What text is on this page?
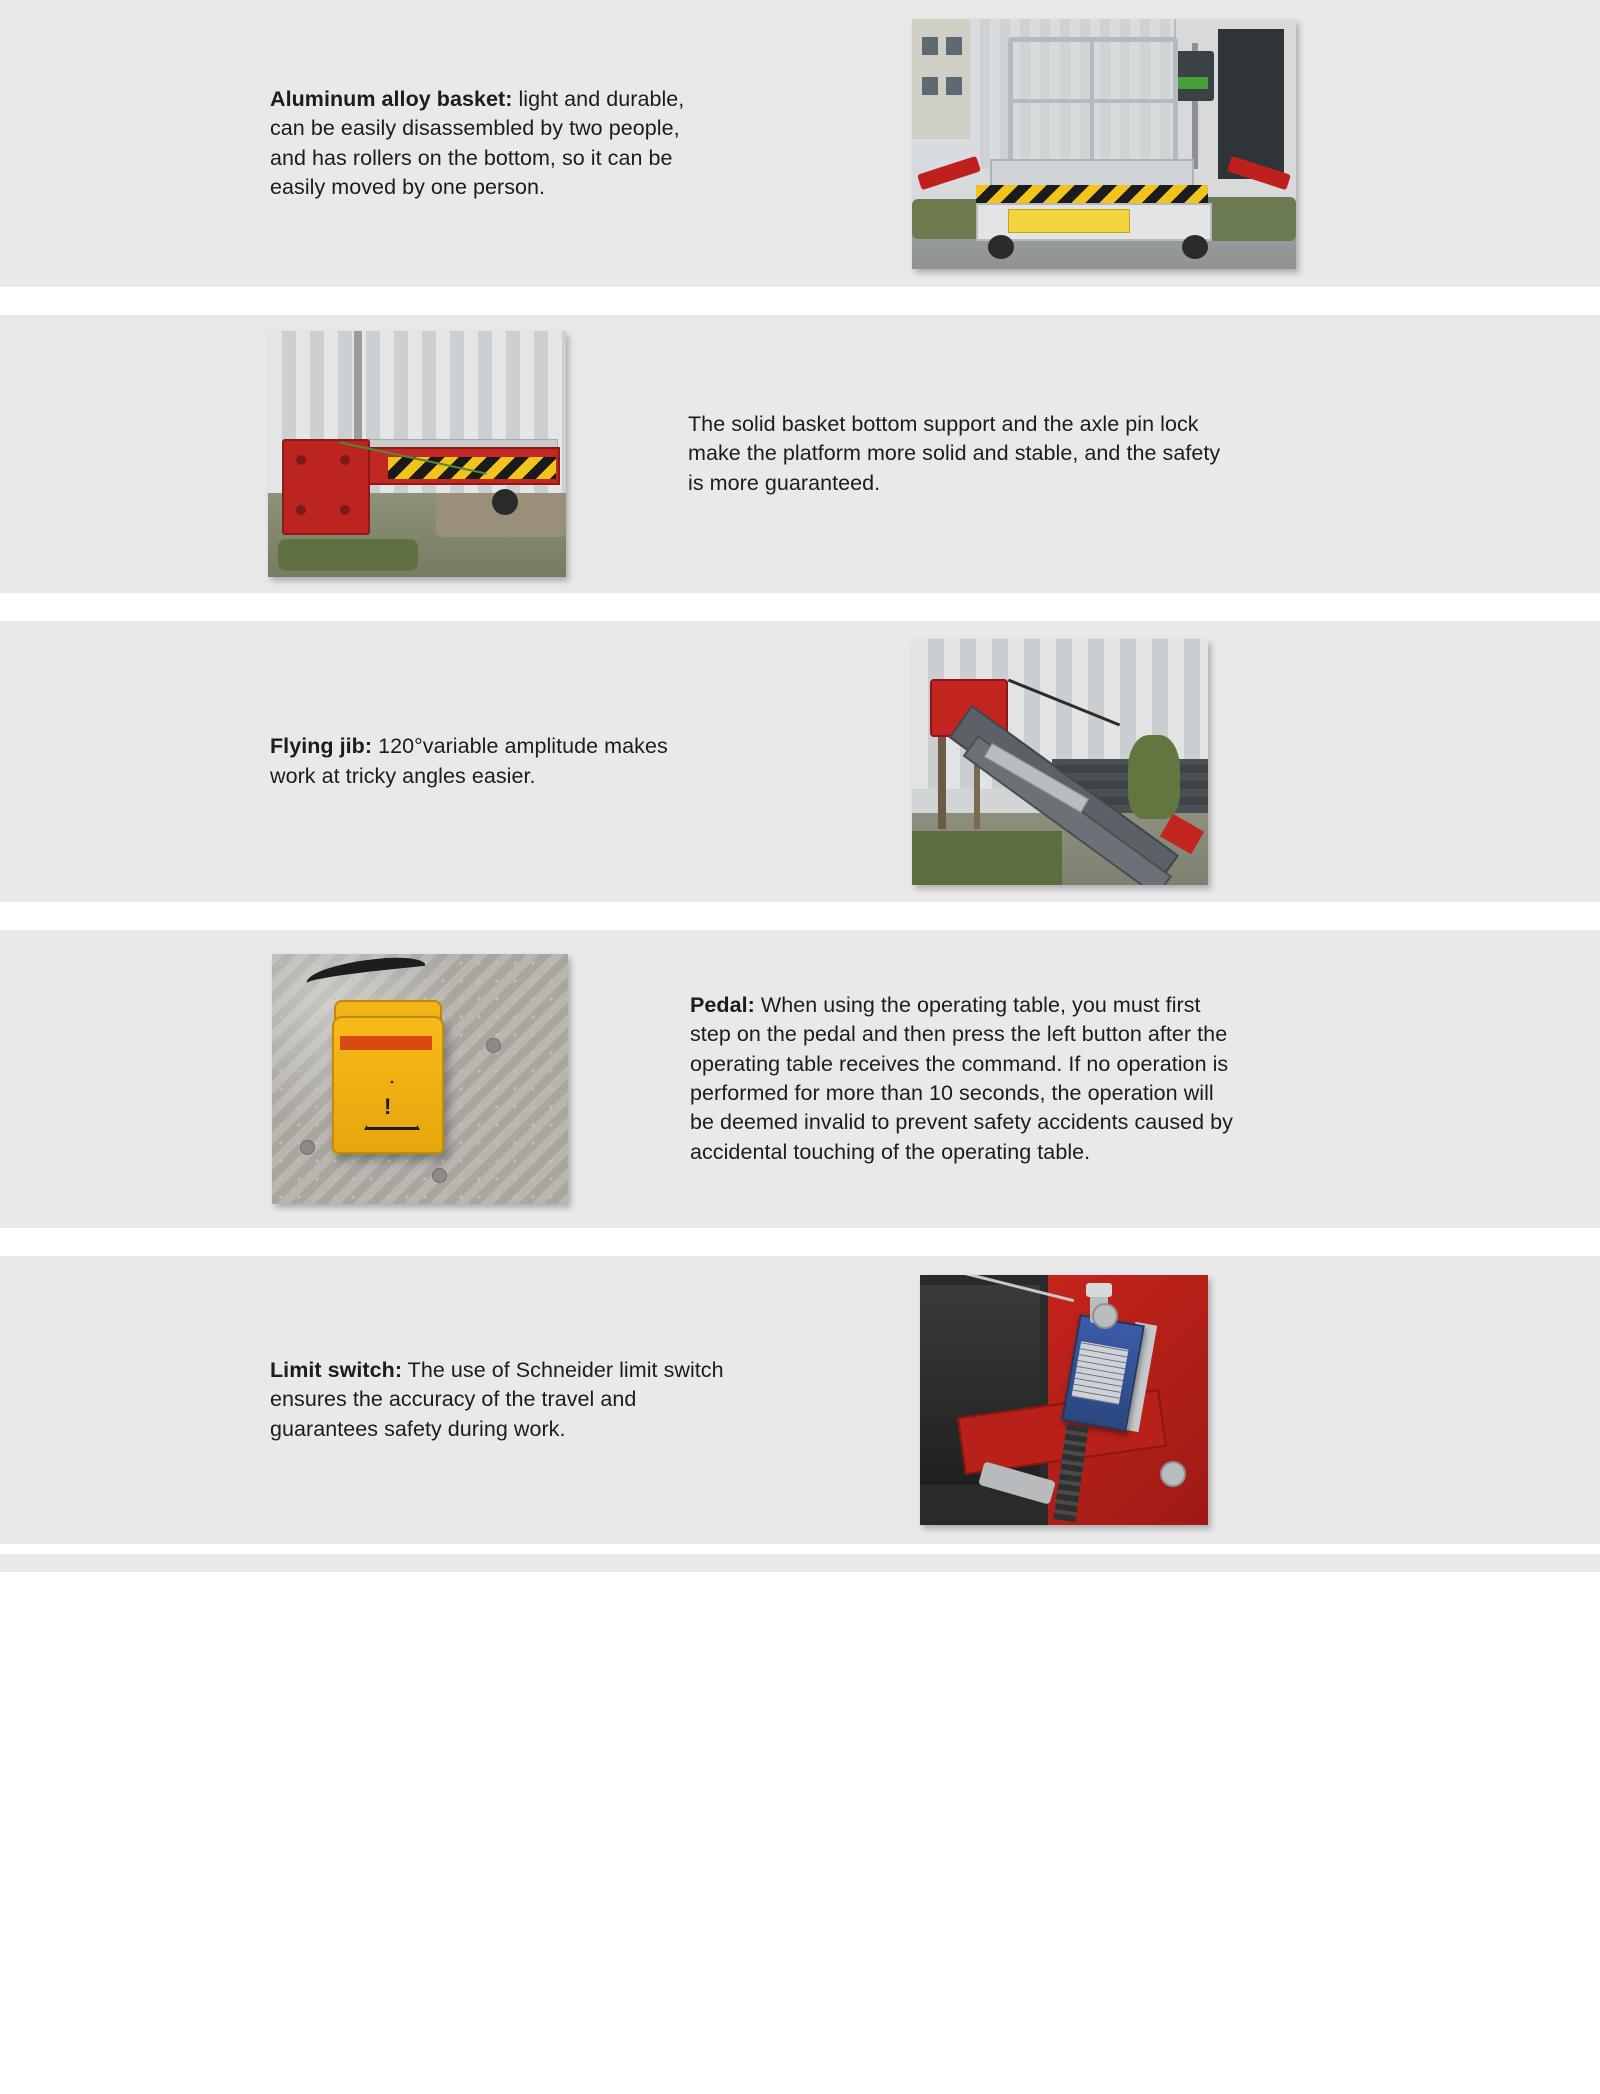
Aluminum alloy basket: light and durable, can be easily disassembled by two people, and has rollers on the bottom, so it can be easily moved by one person.

The solid basket bottom support and the axle pin lock make the platform more solid and stable, and the safety is more guaranteed.

Flying jib: 120°variable amplitude makes work at tricky angles easier.

!

Pedal: When using the operating table, you must first step on the pedal and then press the left button after the operating table receives the command. If no operation is performed for more than 10 seconds, the operation will be deemed invalid to prevent safety accidents caused by accidental touching of the operating table.

Limit switch: The use of Schneider limit switch ensures the accuracy of the travel and guarantees safety during work.
